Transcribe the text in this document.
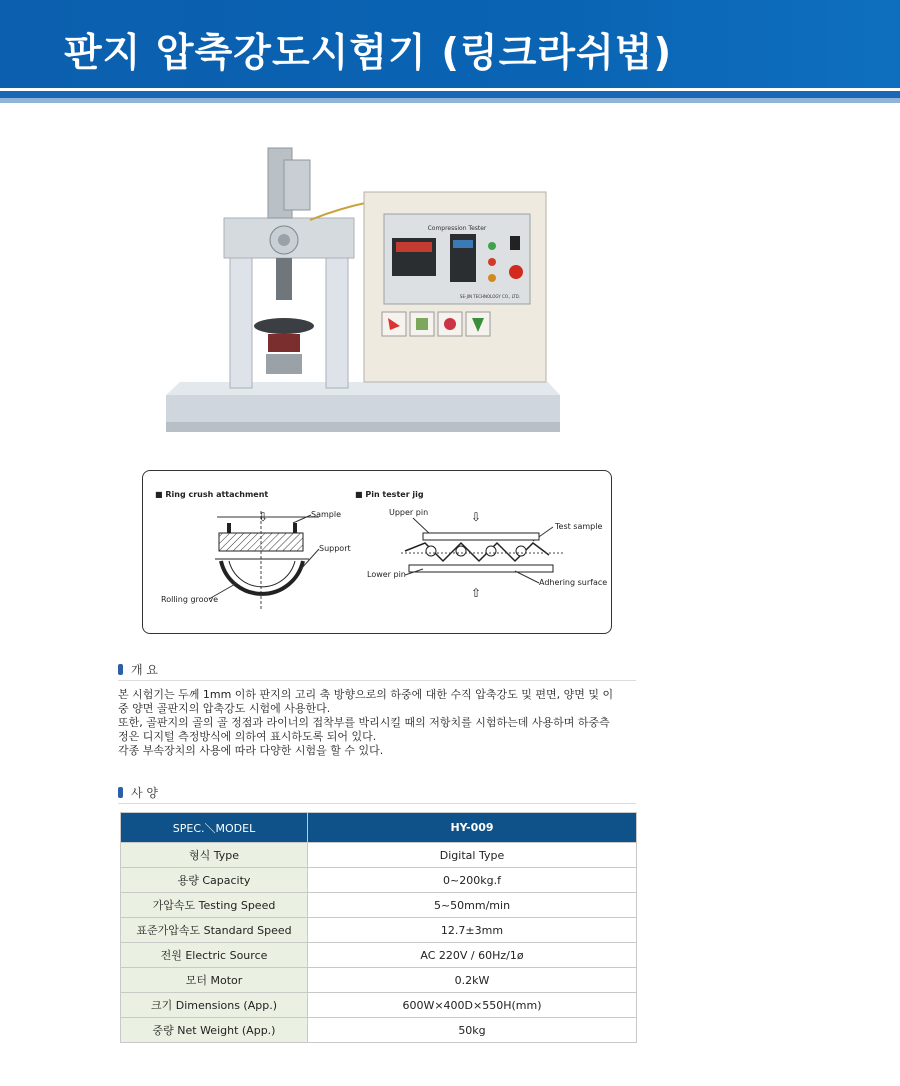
판지 압축강도시험기 (링크라쉬법)
Compression Tester
SE-JIN TECHNOLOGY CO., LTD.
■ Ring crush attachment
⇩	Sample
Support
Rolling groove
■ Pin tester jig
Upper pin	⇩
Test sample
Lower pin
Adhering surface
⇧
개 요

본 시험기는 두께 1mm 이하 판지의 고리 축 방향으로의 하중에 대한 수직 압축강도 및 편면, 양면 및 이

중 양면 골판지의 압축강도 시험에 사용한다.

또한, 골판지의 골의 골 정점과 라이너의 접착부를 박리시킬 때의 저항치를 시험하는데 사용하며 하중측

정은 디지털 측정방식에 의하여 표시하도록 되어 있다.

각종 부속장치의 사용에 따라 다양한 시험을 할 수 있다.

사 양
SPEC.＼MODEL	HY-009
형식 Type	Digital Type
용량 Capacity	0~200kg.f
가압속도 Testing Speed	5~50mm/min
표준가압속도 Standard Speed	12.7±3mm
전원 Electric Source	AC 220V / 60Hz/1ø
모터 Motor	0.2kW
크기 Dimensions (App.)	600W×400D×550H(mm)
중량 Net Weight (App.)	50kg
